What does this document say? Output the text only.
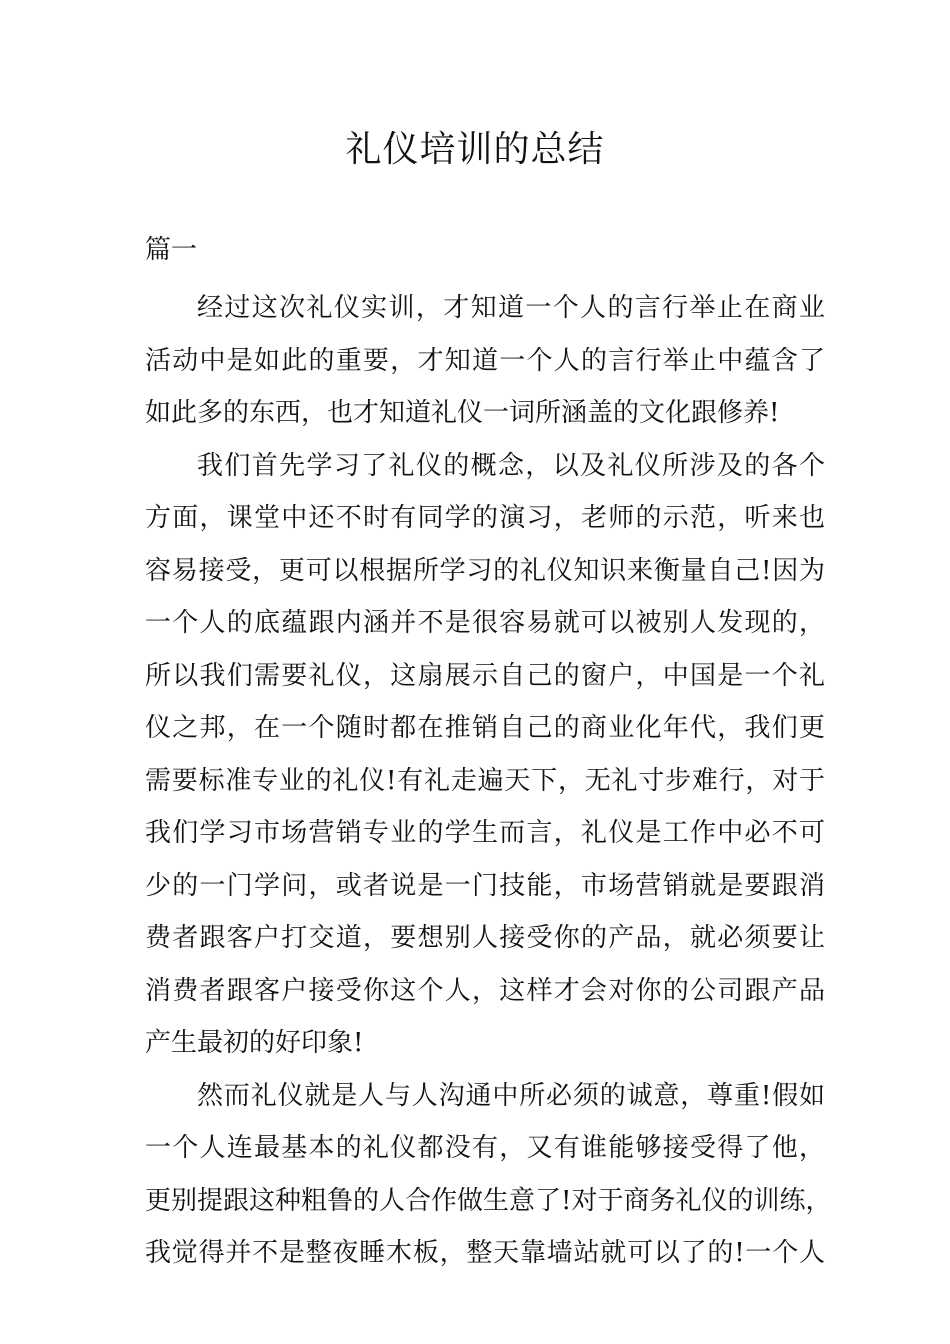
礼仪培训的总结
篇一
经过这次礼仪实训，才知道一个人的言行举止在商业
活动中是如此的重要，才知道一个人的言行举止中蕴含了
如此多的东西，也才知道礼仪一词所涵盖的文化跟修养!
我们首先学习了礼仪的概念，以及礼仪所涉及的各个
方面，课堂中还不时有同学的演习，老师的示范，听来也
容易接受，更可以根据所学习的礼仪知识来衡量自己!因为
一个人的底蕴跟内涵并不是很容易就可以被别人发现的，
所以我们需要礼仪，这扇展示自己的窗户，中国是一个礼
仪之邦，在一个随时都在推销自己的商业化年代，我们更
需要标准专业的礼仪!有礼走遍天下，无礼寸步难行，对于
我们学习市场营销专业的学生而言，礼仪是工作中必不可
少的一门学问，或者说是一门技能，市场营销就是要跟消
费者跟客户打交道，要想别人接受你的产品，就必须要让
消费者跟客户接受你这个人，这样才会对你的公司跟产品
产生最初的好印象!
然而礼仪就是人与人沟通中所必须的诚意，尊重!假如
一个人连最基本的礼仪都没有，又有谁能够接受得了他，
更别提跟这种粗鲁的人合作做生意了!对于商务礼仪的训练，
我觉得并不是整夜睡木板，整天靠墙站就可以了的!一个人
